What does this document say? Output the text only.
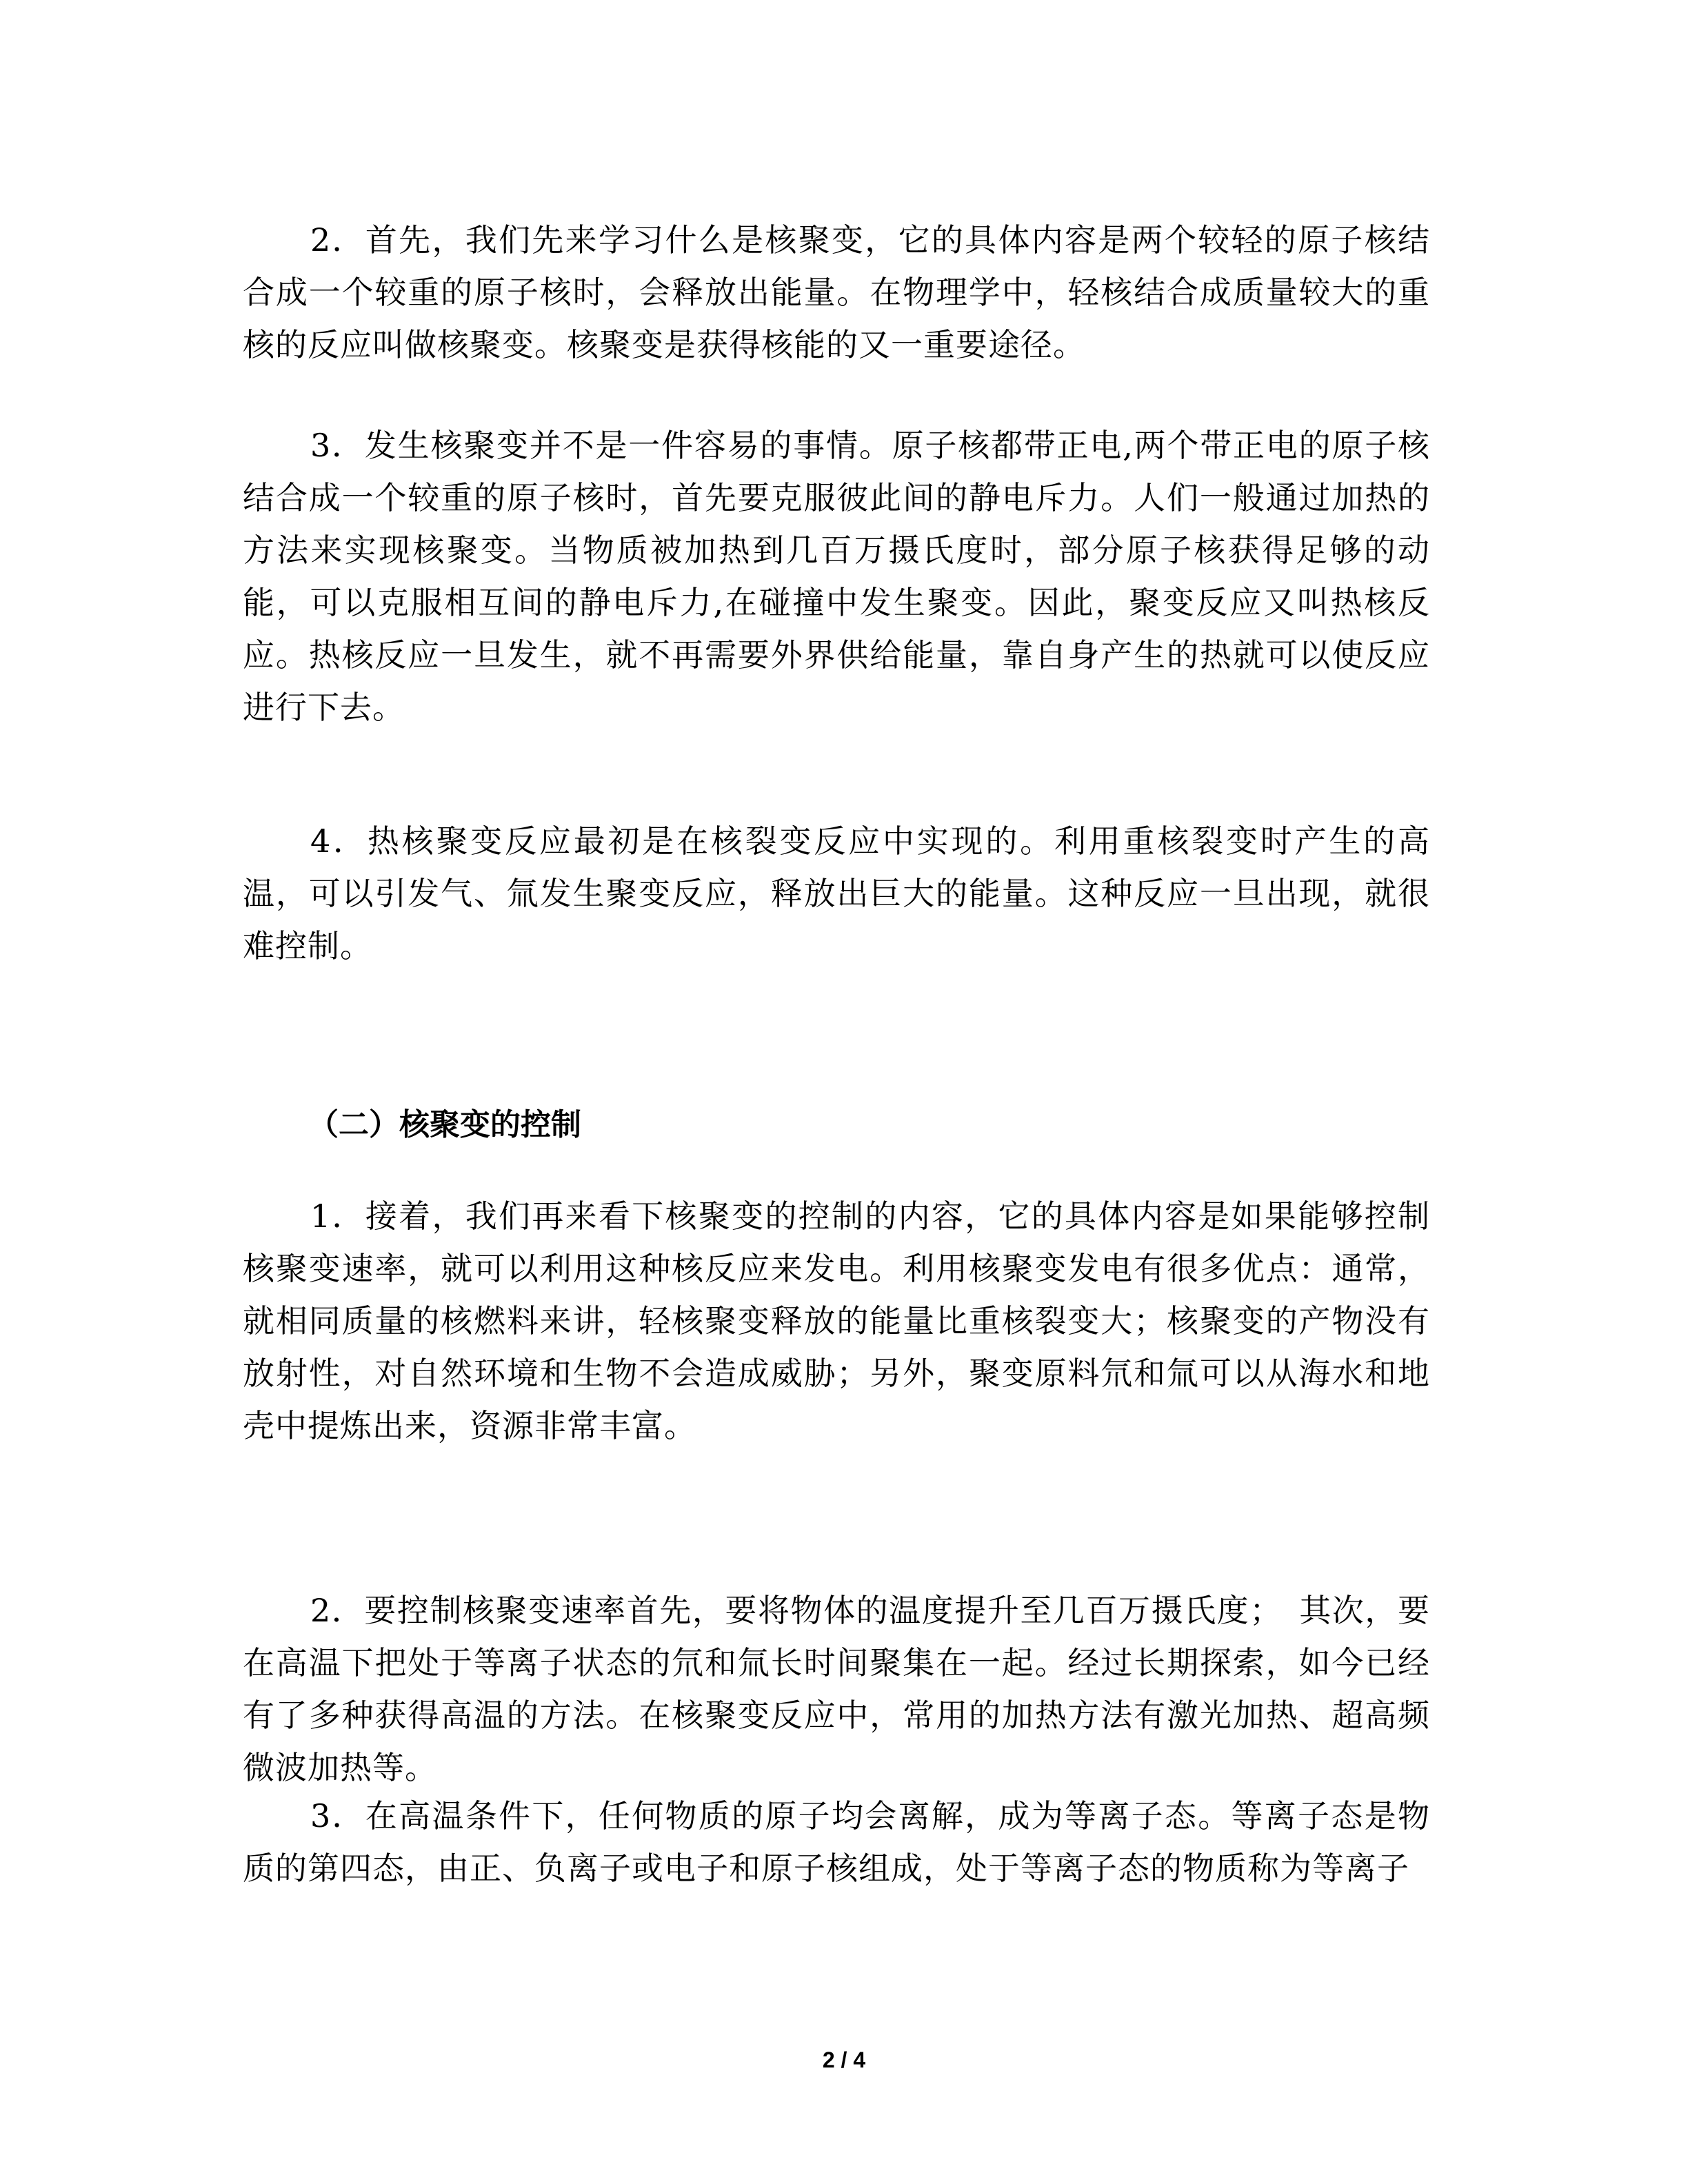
2．首先，我们先来学习什么是核聚变，它的具体内容是两个较轻的原子核结合成一个较重的原子核时，会释放出能量。在物理学中，轻核结合成质量较大的重核的反应叫做核聚变。核聚变是获得核能的又一重要途径。

3．发生核聚变并不是一件容易的事情。原子核都带正电,两个带正电的原子核结合成一个较重的原子核时，首先要克服彼此间的静电斥力。人们一般通过加热的方法来实现核聚变。当物质被加热到几百万摄氏度时，部分原子核获得足够的动能，可以克服相互间的静电斥力,在碰撞中发生聚变。因此，聚变反应又叫热核反应。热核反应一旦发生，就不再需要外界供给能量，靠自身产生的热就可以使反应进行下去。

4．热核聚变反应最初是在核裂变反应中实现的。利用重核裂变时产生的高温，可以引发气、氚发生聚变反应，释放出巨大的能量。这种反应一旦出现，就很难控制。

（二）核聚变的控制

1．接着，我们再来看下核聚变的控制的内容，它的具体内容是如果能够控制核聚变速率，就可以利用这种核反应来发电。利用核聚变发电有很多优点：通常，就相同质量的核燃料来讲，轻核聚变释放的能量比重核裂变大；核聚变的产物没有放射性，对自然环境和生物不会造成威胁；另外，聚变原料氘和氚可以从海水和地壳中提炼出来，资源非常丰富。

2．要控制核聚变速率首先，要将物体的温度提升至几百万摄氏度；　其次，要在高温下把处于等离子状态的氘和氚长时间聚集在一起。经过长期探索，如今已经有了多种获得高温的方法。在核聚变反应中，常用的加热方法有激光加热、超高频微波加热等。

3．在高温条件下，任何物质的原子均会离解，成为等离子态。等离子态是物质的第四态，由正、负离子或电子和原子核组成，处于等离子态的物质称为等离子

2 / 4
